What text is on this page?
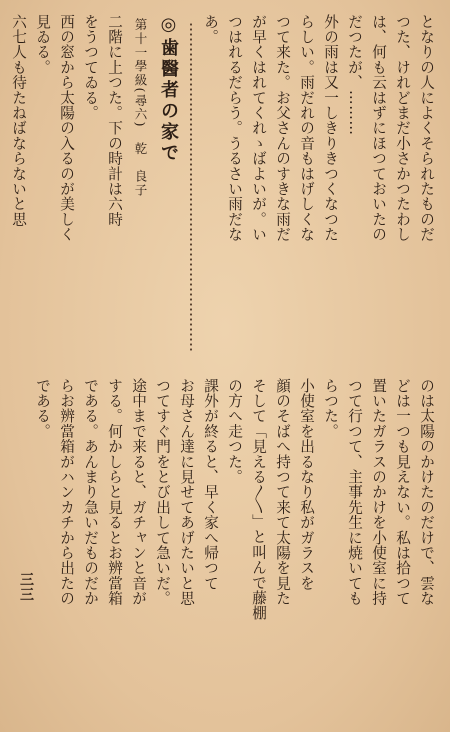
となりの人によくそられたものだ
つた、けれどまだ小さかつたわし
は、何も云はずにほつておいたの
だつたが、………
外の雨は又一しきりきつくなつた
らしい。雨だれの音もはげしくな
つて来た。お父さんのすきな雨だ
が早くはれてくれゝばよいが。い
つはれるだらう。うるさい雨だな
あ。
◎歯醫者の家で
第十一學級(尋六)　乾　良子
二階に上つた。下の時計は六時
をうつてゐる。
西の窓から太陽の入るのが美しく
見ゐる。
六七人も待たねばならないと思
のは太陽のかけたのだけで、雲な
どは一つも見えない。私は拾つて
置いたガラスのかけを小使室に持
つて行つて、主事先生に焼いても
らつた。
小使室を出るなり私がガラスを
顔のそばへ持つて来て太陽を見た
そして「見える〳〵」と叫んで藤棚
の方へ走つた。
課外が終ると、早く家へ帰つて
お母さん達に見せてあげたいと思
つてすぐ門をとび出して急いだ。
途中まで来ると、ガチャンと音が
する。何かしらと見るとお辨當箱
である。あんまり急いだものだか
らお辨當箱がハンカチから出たの
である。
三三
